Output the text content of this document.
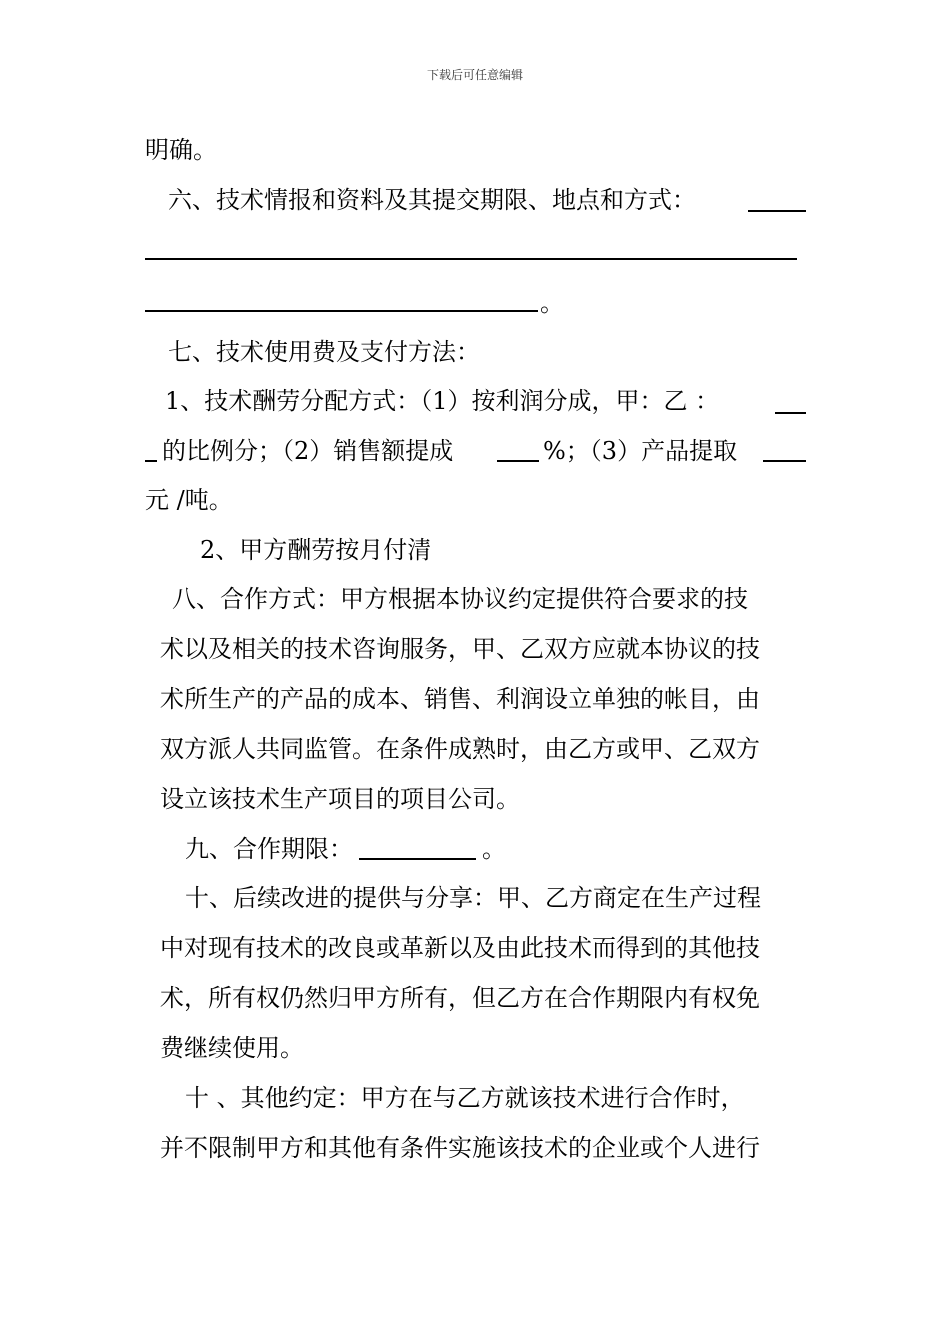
下载后可任意编辑
明确。
六、技术情报和资料及其提交期限、地点和方式：
。
七、技术使用费及支付方法：
1、技术酬劳分配方式：（1）按利润分成，甲：乙 ：
的比例分；（2）销售额提成	%；（3）产品提取
元 /吨。
2、甲方酬劳按月付清
八、合作方式：甲方根据本协议约定提供符合要求的技
术以及相关的技术咨询服务，甲、乙双方应就本协议的技
术所生产的产品的成本、销售、利润设立单独的帐目，由
双方派人共同监管。在条件成熟时，由乙方或甲、乙双方
设立该技术生产项目的项目公司。
九、合作期限：	。
十、后续改进的提供与分享：甲、乙方商定在生产过程
中对现有技术的改良或革新以及由此技术而得到的其他技
术，所有权仍然归甲方所有，但乙方在合作期限内有权免
费继续使用。
十 、其他约定：甲方在与乙方就该技术进行合作时，
并不限制甲方和其他有条件实施该技术的企业或个人进行
